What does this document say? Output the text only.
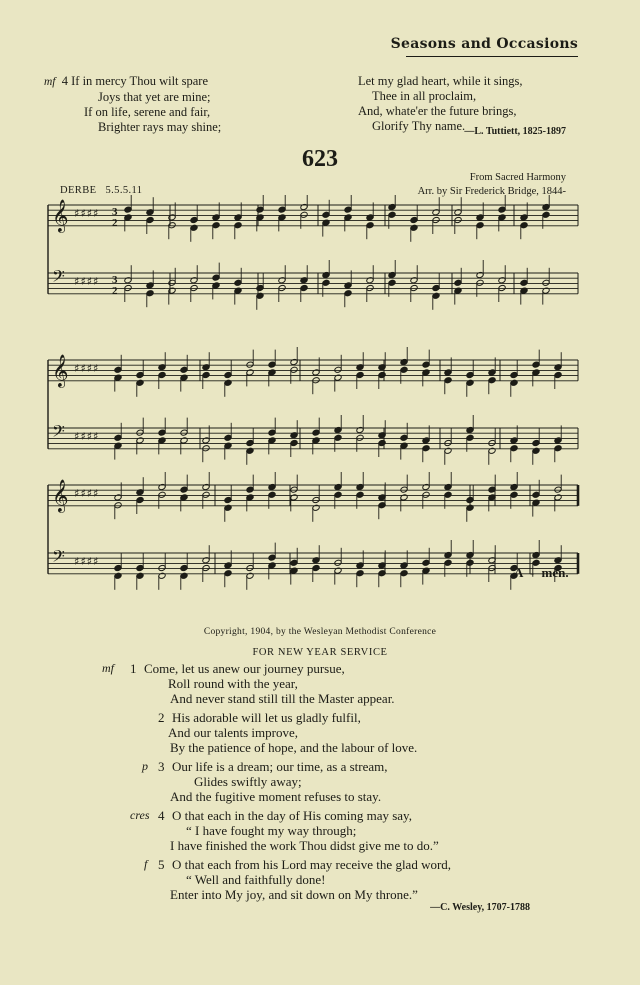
Seasons and Occasions
mf 4 If in mercy Thou wilt spare
Joys that yet are mine;
If on life, serene and fair,
Brighter rays may shine;
Let my glad heart, while it sings,
Thee in all proclaim,
And, whate'er the future brings,
Glorify Thy name. —L. Tuttiett, 1825-1897
623
From Sacred Harmony
Arr. by Sir Frederick Bridge, 1844-
DERBE 5.5.5.11
𝄞 ♯♯♯♯ 3
2
𝄢 ♯♯♯♯ 3
2
𝄞 ♯♯♯♯
𝄢 ♯♯♯♯
𝄞 ♯♯♯♯
𝄢 ♯♯♯♯
A - men.
Copyright, 1904, by the Wesleyan Methodist Conference
FOR NEW YEAR SERVICE
mf 1 Come, let us anew our journey pursue,
Roll round with the year,
And never stand still till the Master appear.
2 His adorable will let us gladly fulfil,
And our talents improve,
By the patience of hope, and the labour of love.
p 3 Our life is a dream; our time, as a stream,
Glides swiftly away;
And the fugitive moment refuses to stay.
cres 4 O that each in the day of His coming may say,
“ I have fought my way through;
I have finished the work Thou didst give me to do.”
f 5 O that each from his Lord may receive the glad word,
“ Well and faithfully done!
Enter into My joy, and sit down on My throne.”
—C. Wesley, 1707-1788
